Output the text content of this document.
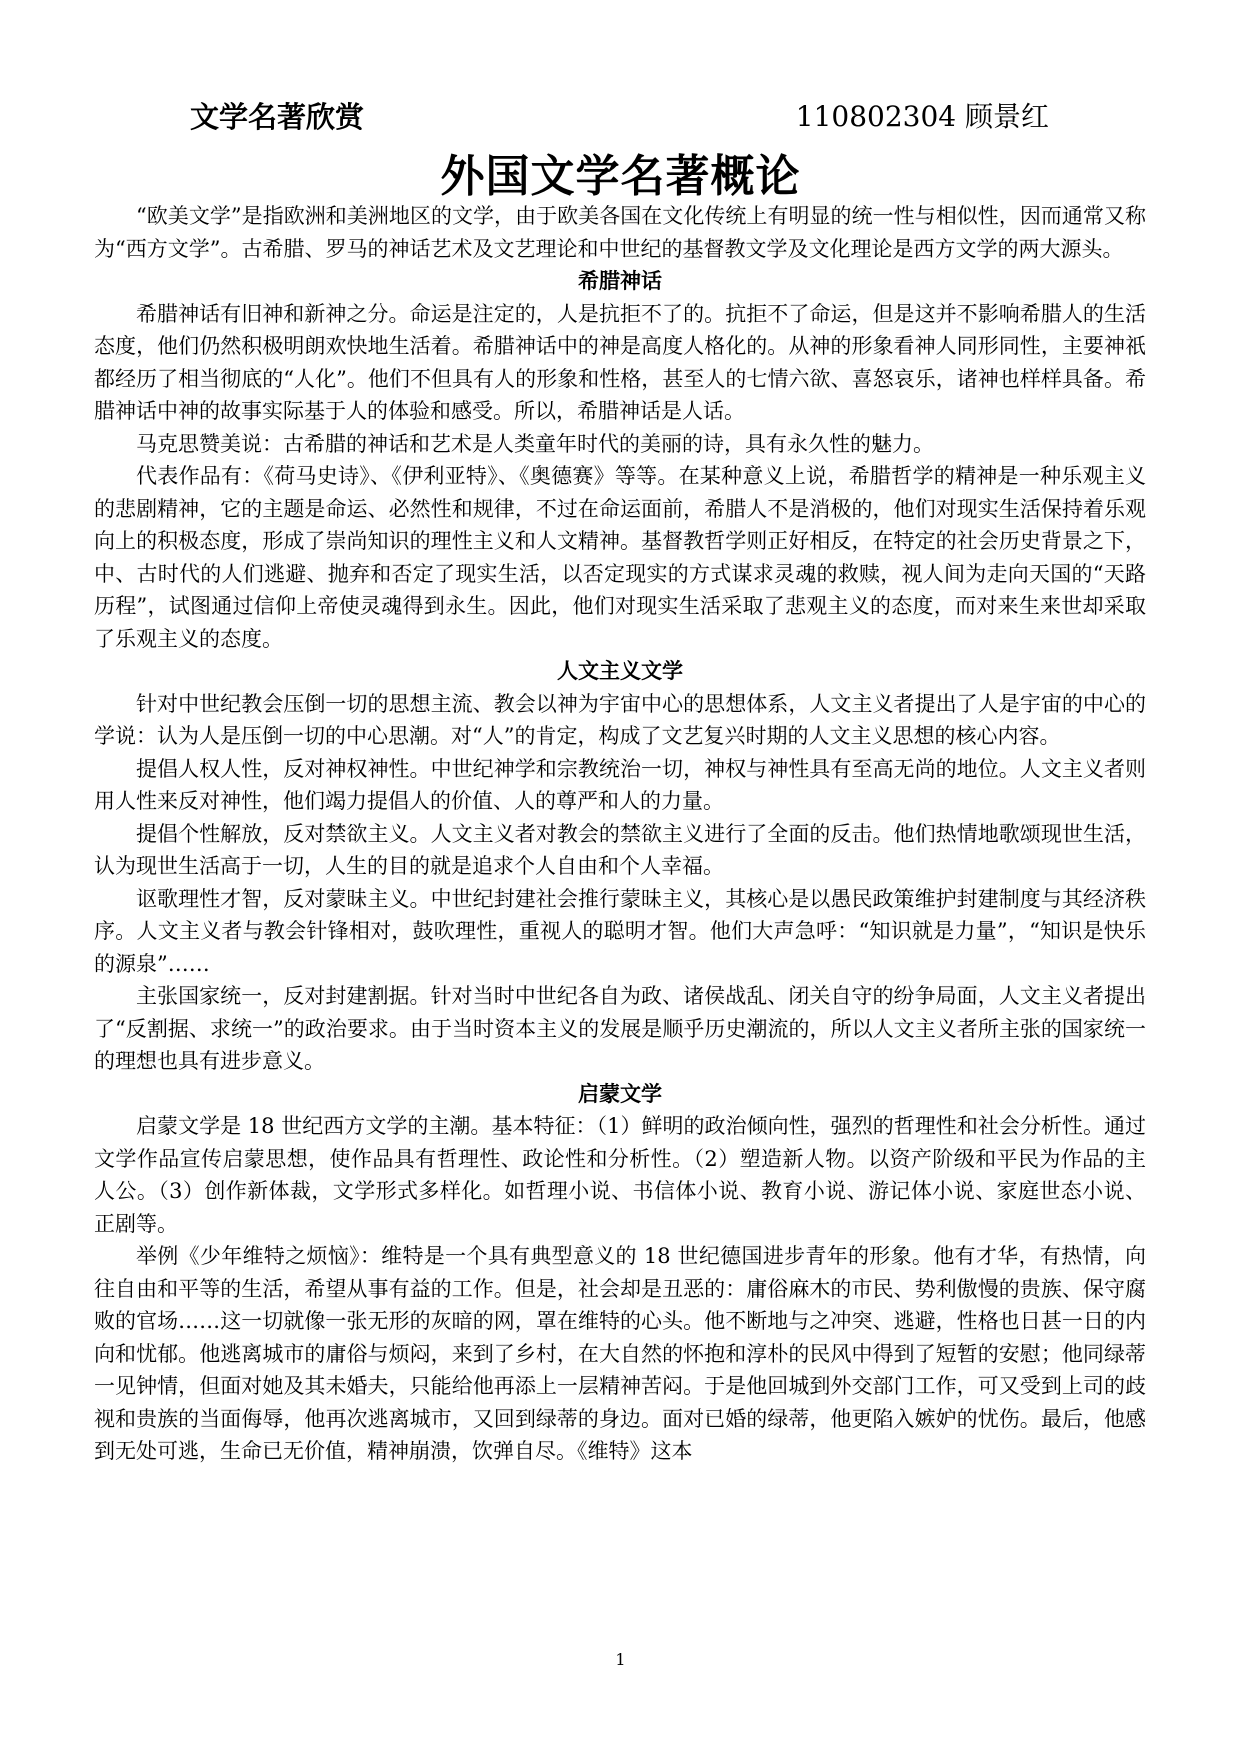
文学名著欣赏	110802304 顾景红
外国文学名著概论

“欧美文学”是指欧洲和美洲地区的文学，由于欧美各国在文化传统上有明显的统一性与相似性，因而通常又称为“西方文学”。古希腊、罗马的神话艺术及文艺理论和中世纪的基督教文学及文化理论是西方文学的两大源头。

希腊神话

希腊神话有旧神和新神之分。命运是注定的，人是抗拒不了的。抗拒不了命运，但是这并不影响希腊人的生活态度，他们仍然积极明朗欢快地生活着。希腊神话中的神是高度人格化的。从神的形象看神人同形同性，主要神祇都经历了相当彻底的“人化”。他们不但具有人的形象和性格，甚至人的七情六欲、喜怒哀乐，诸神也样样具备。希腊神话中神的故事实际基于人的体验和感受。所以，希腊神话是人话。

马克思赞美说：古希腊的神话和艺术是人类童年时代的美丽的诗，具有永久性的魅力。

代表作品有：《荷马史诗》、《伊利亚特》、《奥德赛》等等。在某种意义上说，希腊哲学的精神是一种乐观主义的悲剧精神，它的主题是命运、必然性和规律，不过在命运面前，希腊人不是消极的，他们对现实生活保持着乐观向上的积极态度，形成了崇尚知识的理性主义和人文精神。基督教哲学则正好相反，在特定的社会历史背景之下，中、古时代的人们逃避、抛弃和否定了现实生活，以否定现实的方式谋求灵魂的救赎，视人间为走向天国的“天路历程”，试图通过信仰上帝使灵魂得到永生。因此，他们对现实生活采取了悲观主义的态度，而对来生来世却采取了乐观主义的态度。

人文主义文学

针对中世纪教会压倒一切的思想主流、教会以神为宇宙中心的思想体系，人文主义者提出了人是宇宙的中心的学说：认为人是压倒一切的中心思潮。对“人”的肯定，构成了文艺复兴时期的人文主义思想的核心内容。

提倡人权人性，反对神权神性。中世纪神学和宗教统治一切，神权与神性具有至高无尚的地位。人文主义者则用人性来反对神性，他们竭力提倡人的价值、人的尊严和人的力量。

提倡个性解放，反对禁欲主义。人文主义者对教会的禁欲主义进行了全面的反击。他们热情地歌颂现世生活，认为现世生活高于一切，人生的目的就是追求个人自由和个人幸福。

讴歌理性才智，反对蒙昧主义。中世纪封建社会推行蒙昧主义，其核心是以愚民政策维护封建制度与其经济秩序。人文主义者与教会针锋相对，鼓吹理性，重视人的聪明才智。他们大声急呼：“知识就是力量”，“知识是快乐的源泉”……

主张国家统一，反对封建割据。针对当时中世纪各自为政、诸侯战乱、闭关自守的纷争局面，人文主义者提出了“反割据、求统一”的政治要求。由于当时资本主义的发展是顺乎历史潮流的，所以人文主义者所主张的国家统一的理想也具有进步意义。

启蒙文学

启蒙文学是 18 世纪西方文学的主潮。基本特征：（1）鲜明的政治倾向性，强烈的哲理性和社会分析性。通过文学作品宣传启蒙思想，使作品具有哲理性、政论性和分析性。（2）塑造新人物。以资产阶级和平民为作品的主人公。（3）创作新体裁，文学形式多样化。如哲理小说、书信体小说、教育小说、游记体小说、家庭世态小说、正剧等。

举例《少年维特之烦恼》：维特是一个具有典型意义的 18 世纪德国进步青年的形象。他有才华，有热情，向往自由和平等的生活，希望从事有益的工作。但是，社会却是丑恶的：庸俗麻木的市民、势利傲慢的贵族、保守腐败的官场……这一切就像一张无形的灰暗的网，罩在维特的心头。他不断地与之冲突、逃避，性格也日甚一日的内向和忧郁。他逃离城市的庸俗与烦闷，来到了乡村，在大自然的怀抱和淳朴的民风中得到了短暂的安慰；他同绿蒂一见钟情，但面对她及其未婚夫，只能给他再添上一层精神苦闷。于是他回城到外交部门工作，可又受到上司的歧视和贵族的当面侮辱，他再次逃离城市，又回到绿蒂的身边。面对已婚的绿蒂，他更陷入嫉妒的忧伤。最后，他感到无处可逃，生命已无价值，精神崩溃，饮弹自尽。《维特》这本

1
